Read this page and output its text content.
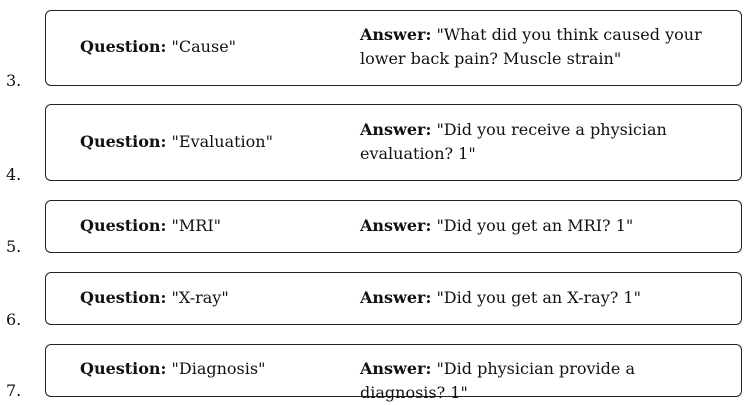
Question: "Cause"
Answer: "What did you think caused your lower back pain? Muscle strain"
3.
Question: "Evaluation"
Answer: "Did you receive a physician evaluation? 1"
4.
Question: "MRI"	Answer: "Did you get an MRI? 1"
5.
Question: "X-ray"	Answer: "Did you get an X-ray? 1"
6.
Question: "Diagnosis"	Answer: "Did physician provide a diagnosis? 1"
7.
